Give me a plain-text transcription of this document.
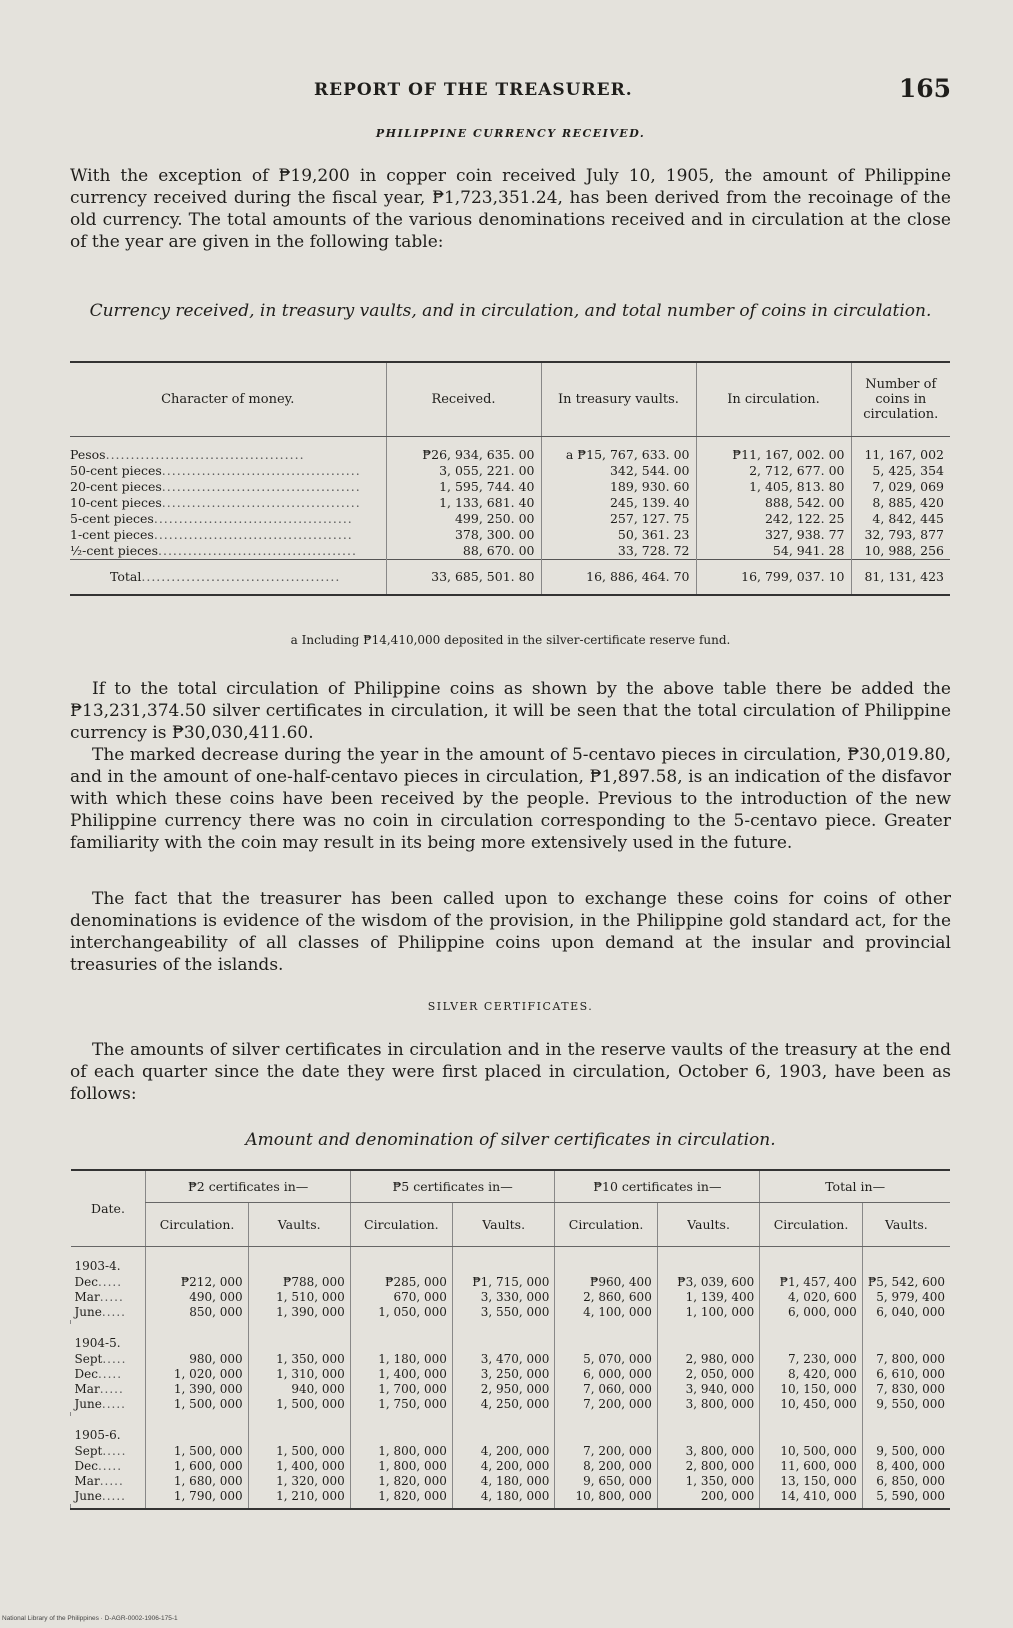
REPORT OF THE TREASURER.	165
PHILIPPINE CURRENCY RECEIVED.

With the exception of ₱19,200 in copper coin received July 10, 1905, the amount of Philippine currency received during the fiscal year, ₱1,723,351.24, has been derived from the recoinage of the old currency. The total amounts of the various denominations received and in circulation at the close of the year are given in the following table:

Currency received, in treasury vaults, and in circulation, and total number of coins in circulation.
Character of money.	Received.	In treasury vaults.	In circulation.	Number of coins in circulation.

Pesos........................................	₱26, 934, 635. 00	a ₱15, 767, 633. 00	₱11, 167, 002. 00	11, 167, 002
50-cent pieces........................................	3, 055, 221. 00	342, 544. 00	2, 712, 677. 00	5, 425, 354
20-cent pieces........................................	1, 595, 744. 40	189, 930. 60	1, 405, 813. 80	7, 029, 069
10-cent pieces........................................	1, 133, 681. 40	245, 139. 40	888, 542. 00	8, 885, 420
5-cent pieces........................................	499, 250. 00	257, 127. 75	242, 122. 25	4, 842, 445
1-cent pieces........................................	378, 300. 00	50, 361. 23	327, 938. 77	32, 793, 877
½-cent pieces........................................	88, 670. 00	33, 728. 72	54, 941. 28	10, 988, 256
Total........................................	33, 685, 501. 80	16, 886, 464. 70	16, 799, 037. 10	81, 131, 423
a Including ₱14,410,000 deposited in the silver-certificate reserve fund.

If to the total circulation of Philippine coins as shown by the above table there be added the ₱13,231,374.50 silver certificates in circulation, it will be seen that the total circulation of Philippine currency is ₱30,030,411.60.

The marked decrease during the year in the amount of 5-centavo pieces in circulation, ₱30,019.80, and in the amount of one-half-centavo pieces in circulation, ₱1,897.58, is an indication of the disfavor with which these coins have been received by the people. Previous to the introduction of the new Philippine currency there was no coin in circulation corresponding to the 5-centavo piece. Greater familiarity with the coin may result in its being more extensively used in the future.

The fact that the treasurer has been called upon to exchange these coins for coins of other denominations is evidence of the wisdom of the provision, in the Philippine gold standard act, for the interchangeability of all classes of Philippine coins upon demand at the insular and provincial treasuries of the islands.

SILVER CERTIFICATES.

The amounts of silver certificates in circulation and in the reserve vaults of the treasury at the end of each quarter since the date they were first placed in circulation, October 6, 1903, have been as follows:

Amount and denomination of silver certificates in circulation.
Date.	₱2 certificates in—		₱5 certificates in—		₱10 certificates in—		Total in—	
	Circulation.	Vaults.	Circulation.	Vaults.	Circulation.	Vaults.	Circulation.	Vaults.
1903-4.								
Dec.....	₱212, 000	₱788, 000	₱285, 000	₱1, 715, 000	₱960, 400	₱3, 039, 600	₱1, 457, 400	₱5, 542, 600
Mar.....	490, 000	1, 510, 000	670, 000	3, 330, 000	2, 860, 600	1, 139, 400	4, 020, 600	5, 979, 400
June.....	850, 000	1, 390, 000	1, 050, 000	3, 550, 000	4, 100, 000	1, 100, 000	6, 000, 000	6, 040, 000

1904-5.								
Sept.....	980, 000	1, 350, 000	1, 180, 000	3, 470, 000	5, 070, 000	2, 980, 000	7, 230, 000	7, 800, 000
Dec.....	1, 020, 000	1, 310, 000	1, 400, 000	3, 250, 000	6, 000, 000	2, 050, 000	8, 420, 000	6, 610, 000
Mar.....	1, 390, 000	940, 000	1, 700, 000	2, 950, 000	7, 060, 000	3, 940, 000	10, 150, 000	7, 830, 000
June.....	1, 500, 000	1, 500, 000	1, 750, 000	4, 250, 000	7, 200, 000	3, 800, 000	10, 450, 000	9, 550, 000

1905-6.								
Sept.....	1, 500, 000	1, 500, 000	1, 800, 000	4, 200, 000	7, 200, 000	3, 800, 000	10, 500, 000	9, 500, 000
Dec.....	1, 600, 000	1, 400, 000	1, 800, 000	4, 200, 000	8, 200, 000	2, 800, 000	11, 600, 000	8, 400, 000
Mar.....	1, 680, 000	1, 320, 000	1, 820, 000	4, 180, 000	9, 650, 000	1, 350, 000	13, 150, 000	6, 850, 000
June.....	1, 790, 000	1, 210, 000	1, 820, 000	4, 180, 000	10, 800, 000	200, 000	14, 410, 000	5, 590, 000

National Library of the Philippines · D-AGR-0002-1906-175-1
